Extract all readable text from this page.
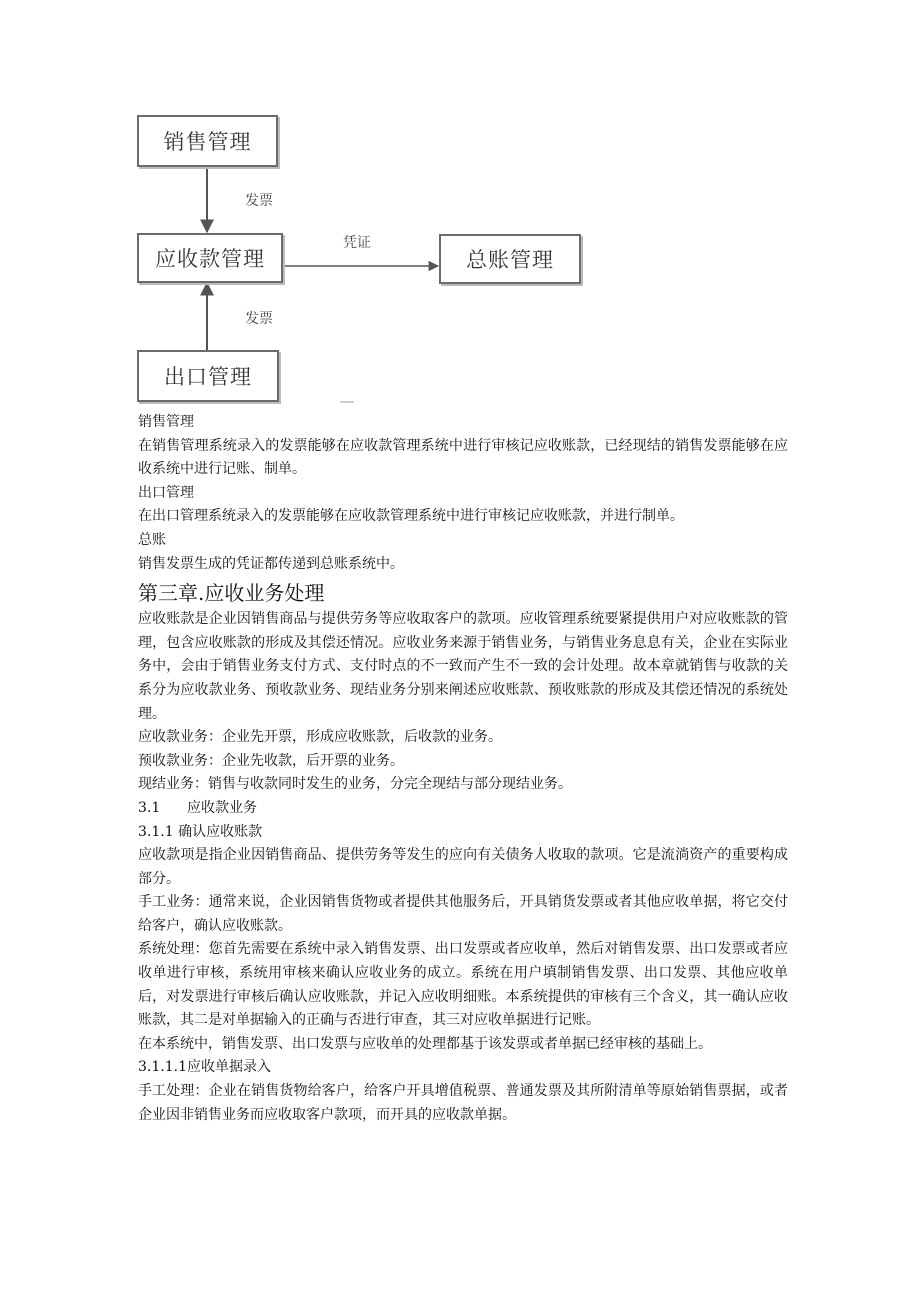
销售管理
应收款管理	总账管理
出口管理
发票
凭证
发票

销售管理

在销售管理系统录入的发票能够在应收款管理系统中进行审核记应收账款，已经现结的销售发票能够在应收系统中进行记账、制单。

出口管理

在出口管理系统录入的发票能够在应收款管理系统中进行审核记应收账款，并进行制单。

总账

销售发票生成的凭证都传递到总账系统中。

第三章.应收业务处理

应收账款是企业因销售商品与提供劳务等应收取客户的款项。应收管理系统要紧提供用户对应收账款的管理，包含应收账款的形成及其偿还情况。应收业务来源于销售业务，与销售业务息息有关，企业在实际业务中，会由于销售业务支付方式、支付时点的不一致而产生不一致的会计处理。故本章就销售与收款的关系分为应收款业务、预收款业务、现结业务分别来阐述应收账款、预收账款的形成及其偿还情况的系统处理。

应收款业务：企业先开票，形成应收账款，后收款的业务。

预收款业务：企业先收款，后开票的业务。

现结业务：销售与收款同时发生的业务，分完全现结与部分现结业务。

3.1      应收款业务

3.1.1 确认应收账款

应收款项是指企业因销售商品、提供劳务等发生的应向有关债务人收取的款项。它是流淌资产的重要构成部分。

手工业务：通常来说，企业因销售货物或者提供其他服务后，开具销货发票或者其他应收单据，将它交付给客户，确认应收账款。

系统处理：您首先需要在系统中录入销售发票、出口发票或者应收单，然后对销售发票、出口发票或者应收单进行审核，系统用审核来确认应收业务的成立。系统在用户填制销售发票、出口发票、其他应收单后，对发票进行审核后确认应收账款，并记入应收明细账。本系统提供的审核有三个含义，其一确认应收账款，其二是对单据输入的正确与否进行审查，其三对应收单据进行记账。

在本系统中，销售发票、出口发票与应收单的处理都基于该发票或者单据已经审核的基础上。

3.1.1.1应收单据录入

手工处理：企业在销售货物给客户，给客户开具增值税票、普通发票及其所附清单等原始销售票据，或者企业因非销售业务而应收取客户款项，而开具的应收款单据。
